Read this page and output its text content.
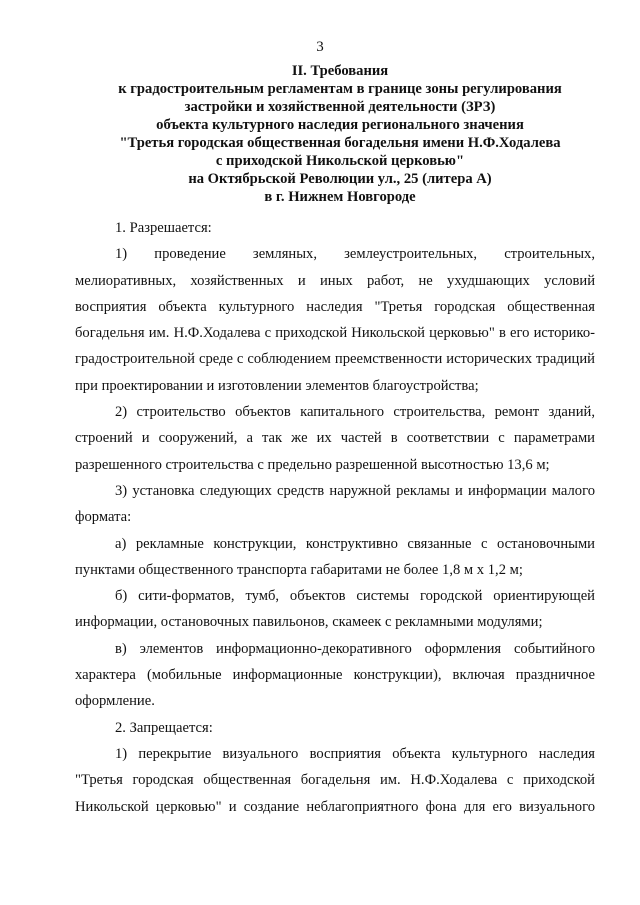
3
II. Требования
к градостроительным регламентам в границе зоны регулирования
застройки и хозяйственной деятельности (ЗРЗ)
объекта культурного наследия регионального значения
"Третья городская общественная богадельня имени Н.Ф.Ходалева
с приходской Никольской церковью"
на Октябрьской Революции ул., 25 (литера А)
в г. Нижнем Новгороде

1. Разрешается:

1) проведение земляных, землеустроительных, строительных, мелиоративных, хозяйственных и иных работ, не ухудшающих условий восприятия объекта культурного наследия "Третья городская общественная богадельня им. Н.Ф.Ходалева с приходской Никольской церковью" в его историко-градостроительной среде с соблюдением преемственности исторических традиций при проектировании и изготовлении элементов благоустройства;

2) строительство объектов капитального строительства, ремонт зданий, строений и сооружений, а так же их частей в соответствии с параметрами разрешенного строительства с предельно разрешенной высотностью 13,6 м;

3) установка следующих средств наружной рекламы и информации малого формата:

а) рекламные конструкции, конструктивно связанные с остановочными пунктами общественного транспорта габаритами не более 1,8 м х 1,2 м;

б) сити-форматов, тумб, объектов системы городской ориентирующей информации, остановочных павильонов, скамеек с рекламными модулями;

в) элементов информационно-декоративного оформления событийного характера (мобильные информационные конструкции), включая праздничное оформление.

2. Запрещается:

1) перекрытие визуального восприятия объекта культурного наследия "Третья городская общественная богадельня им. Н.Ф.Ходалева с приходской Никольской церковью" и создание неблагоприятного фона для его визуального
